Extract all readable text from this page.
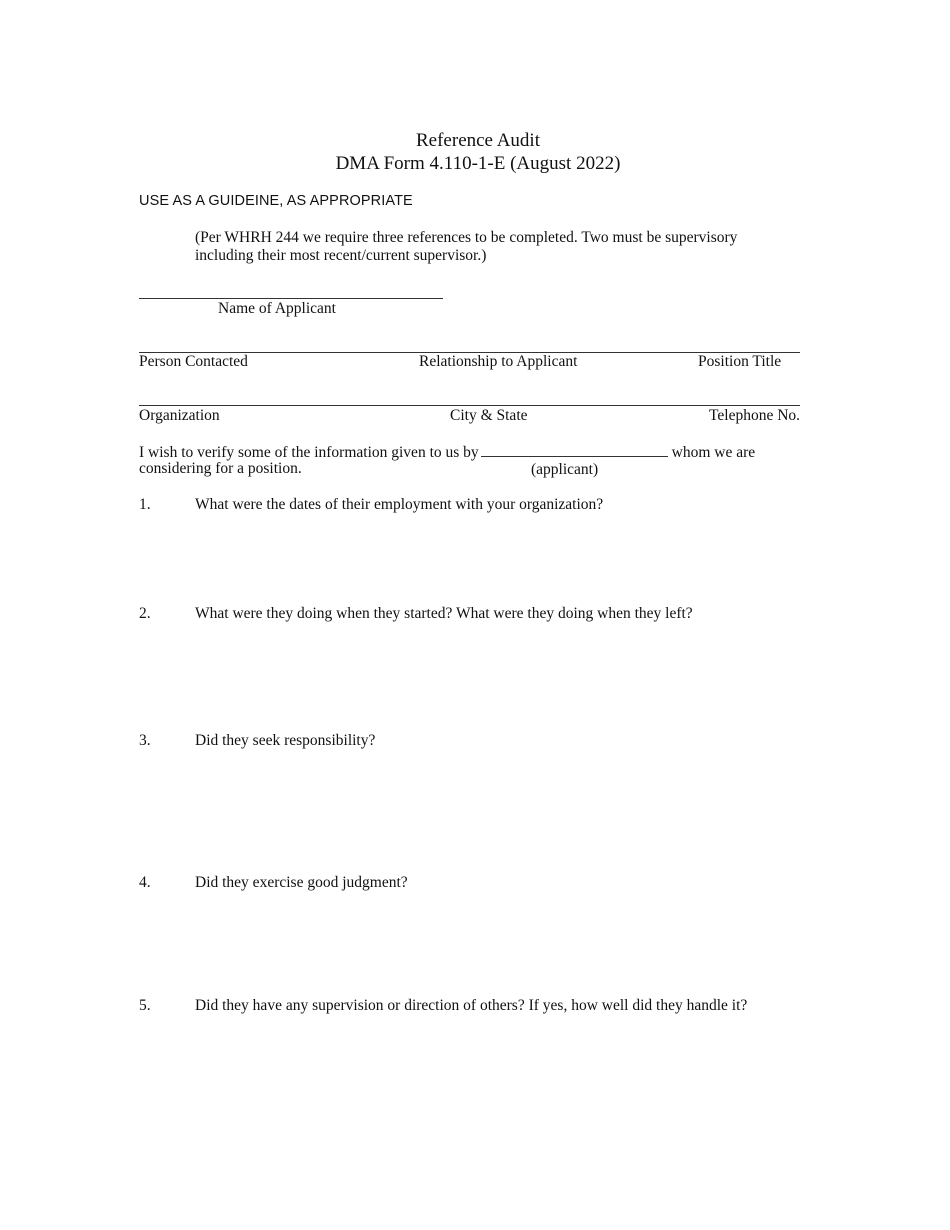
Reference Audit
DMA Form 4.110-1-E (August 2022)
USE AS A GUIDEINE, AS APPROPRIATE
(Per WHRH 244 we require three references to be completed. Two must be supervisory including their most recent/current supervisor.)
Name of Applicant
Person Contacted	Relationship to Applicant	Position Title
Organization	City & State	Telephone No.
I wish to verify some of the information given to us by	whom we are
considering for a position.	(applicant)
1.	What were the dates of their employment with your organization?
2.	What were they doing when they started? What were they doing when they left?
3.	Did they seek responsibility?
4.	Did they exercise good judgment?
5.	Did they have any supervision or direction of others? If yes, how well did they handle it?
